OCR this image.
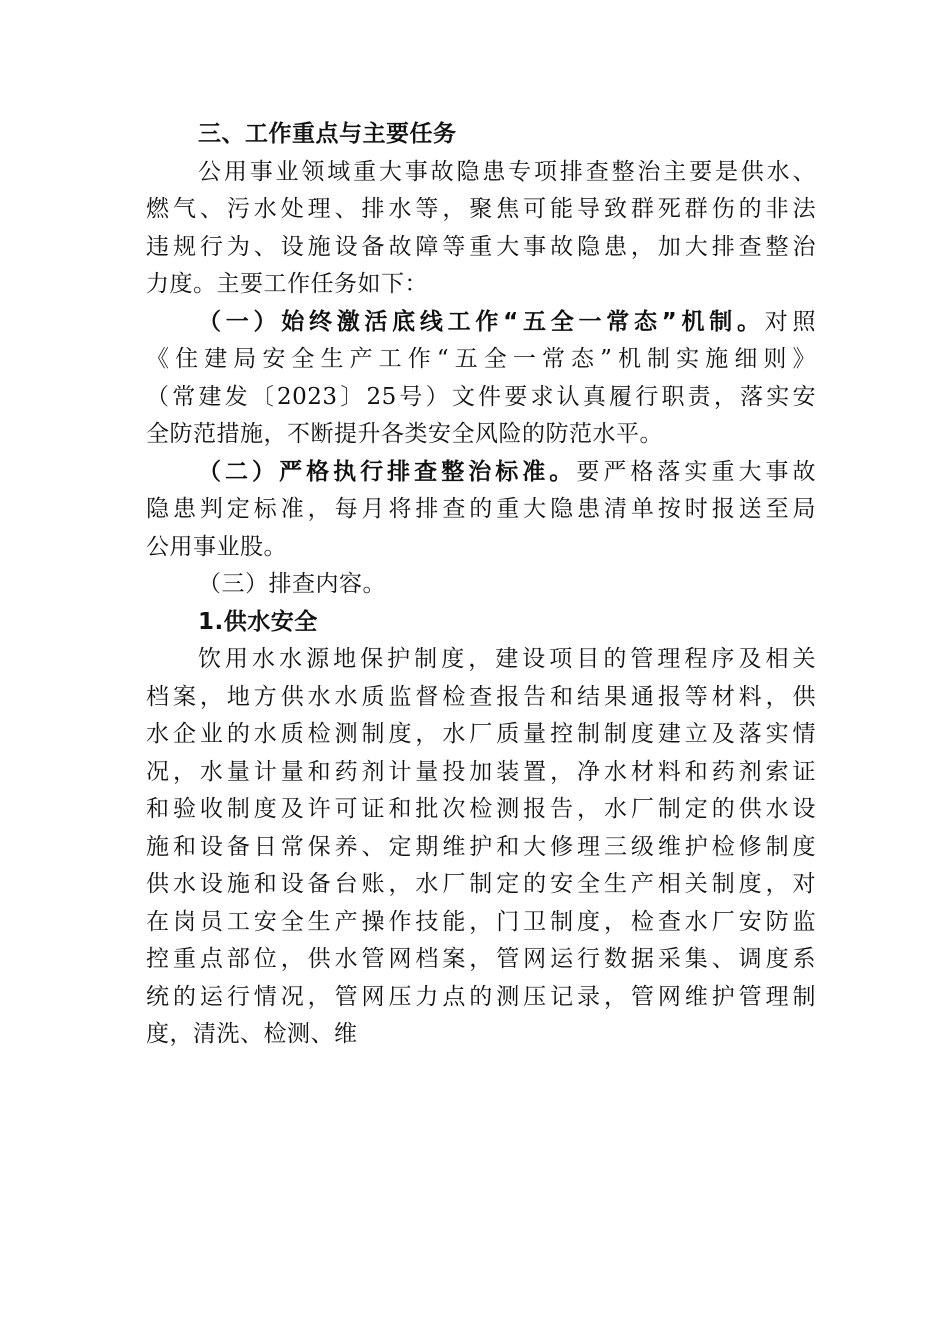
三、工作重点与主要任务
公用事业领域重大事故隐患专项排查整治主要是供水、
燃气、污水处理、排水等，聚焦可能导致群死群伤的非法
违规行为、设施设备故障等重大事故隐患，加大排查整治
力度。主要工作任务如下：
（一）始终激活底线工作“五全一常态”机制。对照
《住建局安全生产工作“五全一常态”机制实施细则》
（常建发〔2023〕25号）文件要求认真履行职责，落实安
全防范措施，不断提升各类安全风险的防范水平。
（二）严格执行排查整治标准。要严格落实重大事故
隐患判定标准，每月将排查的重大隐患清单按时报送至局
公用事业股。
（三）排查内容。
1.供水安全
饮用水水源地保护制度，建设项目的管理程序及相关
档案，地方供水水质监督检查报告和结果通报等材料，供
水企业的水质检测制度，水厂质量控制制度建立及落实情
况，水量计量和药剂计量投加装置，净水材料和药剂索证
和验收制度及许可证和批次检测报告，水厂制定的供水设
施和设备日常保养、定期维护和大修理三级维护检修制度
供水设施和设备台账，水厂制定的安全生产相关制度，对
在岗员工安全生产操作技能，门卫制度，检查水厂安防监
控重点部位，供水管网档案，管网运行数据采集、调度系
统的运行情况，管网压力点的测压记录，管网维护管理制
度，清洗、检测、维
